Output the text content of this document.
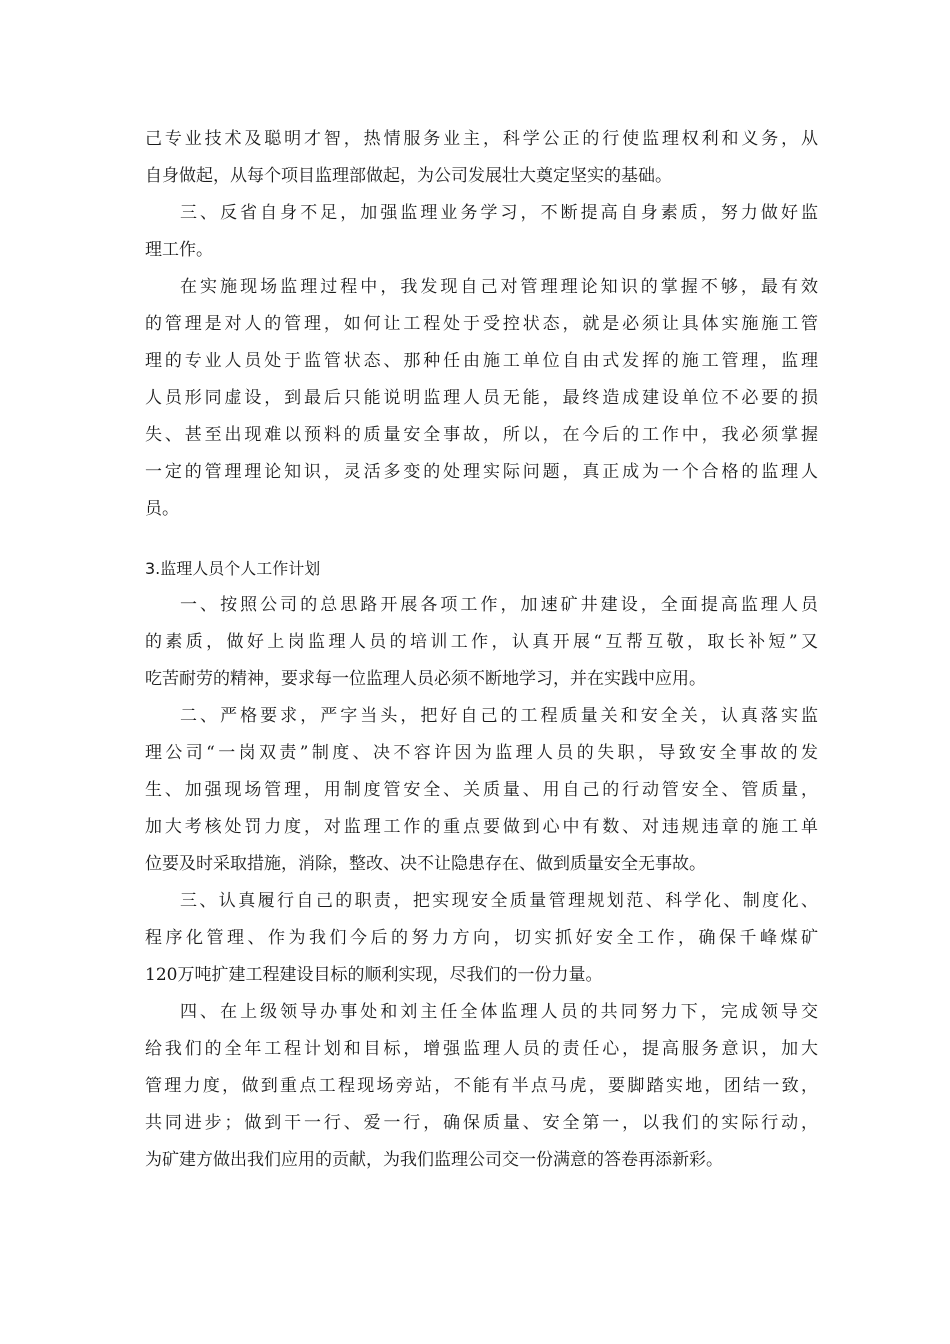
己专业技术及聪明才智，热情服务业主，科学公正的行使监理权利和义务，从
自身做起，从每个项目监理部做起，为公司发展壮大奠定坚实的基础。
三、反省自身不足，加强监理业务学习，不断提高自身素质，努力做好监
理工作。
在实施现场监理过程中，我发现自己对管理理论知识的掌握不够，最有效
的管理是对人的管理，如何让工程处于受控状态，就是必须让具体实施施工管
理的专业人员处于监管状态、那种任由施工单位自由式发挥的施工管理，监理
人员形同虚设，到最后只能说明监理人员无能，最终造成建设单位不必要的损
失、甚至出现难以预料的质量安全事故，所以，在今后的工作中，我必须掌握
一定的管理理论知识，灵活多变的处理实际问题，真正成为一个合格的监理人
员。
3.监理人员个人工作计划
一、按照公司的总思路开展各项工作，加速矿井建设，全面提高监理人员
的素质，做好上岗监理人员的培训工作，认真开展“互帮互敬，取长补短”又
吃苦耐劳的精神，要求每一位监理人员必须不断地学习，并在实践中应用。
二、严格要求，严字当头，把好自己的工程质量关和安全关，认真落实监
理公司“一岗双责”制度、决不容许因为监理人员的失职，导致安全事故的发
生、加强现场管理，用制度管安全、关质量、用自己的行动管安全、管质量，
加大考核处罚力度，对监理工作的重点要做到心中有数、对违规违章的施工单
位要及时采取措施，消除，整改、决不让隐患存在、做到质量安全无事故。
三、认真履行自己的职责，把实现安全质量管理规划范、科学化、制度化、
程序化管理、作为我们今后的努力方向，切实抓好安全工作，确保千峰煤矿
120万吨扩建工程建设目标的顺利实现，尽我们的一份力量。
四、在上级领导办事处和刘主任全体监理人员的共同努力下，完成领导交
给我们的全年工程计划和目标，增强监理人员的责任心，提高服务意识，加大
管理力度，做到重点工程现场旁站，不能有半点马虎，要脚踏实地，团结一致，
共同进步；做到干一行、爱一行，确保质量、安全第一，以我们的实际行动，
为矿建方做出我们应用的贡献，为我们监理公司交一份满意的答卷再添新彩。
